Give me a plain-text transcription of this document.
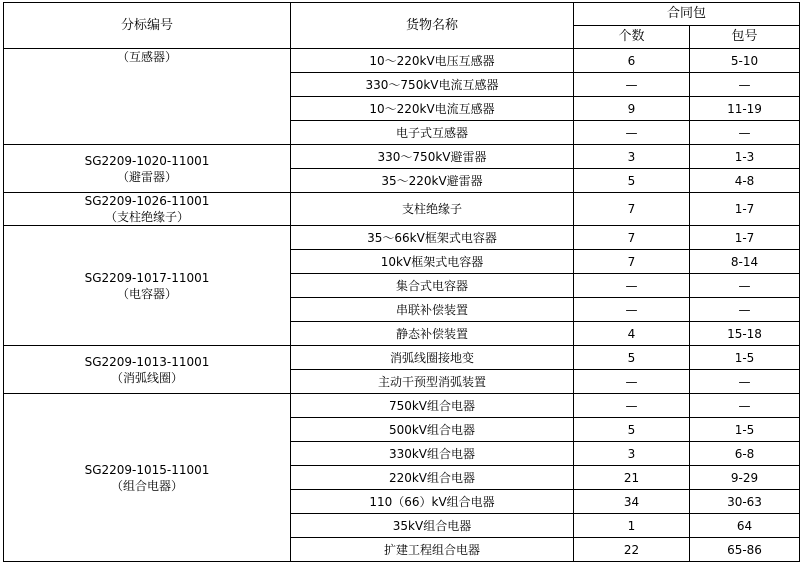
分标编号	货物名称	合同包	
		个数	包号

（互感器）	10～220kV电压互感器	6	5-10
	330～750kV电流互感器	—	—
	10～220kV电流互感器	9	11-19
	电子式互感器	—	—

SG2209-1020-11001
（避雷器）	330～750kV避雷器	3	1-3
	35～220kV避雷器	5	4-8

SG2209-1026-11001
（支柱绝缘子）	支柱绝缘子	7	1-7

SG2209-1017-11001
（电容器）	35～66kV框架式电容器	7	1-7
	10kV框架式电容器	7	8-14
	集合式电容器	—	—
	串联补偿装置	—	—
	静态补偿装置	4	15-18

SG2209-1013-11001
（消弧线圈）	消弧线圈接地变	5	1-5
	主动干预型消弧装置	—	—

SG2209-1015-11001
（组合电器）	750kV组合电器	—	—
	500kV组合电器	5	1-5
	330kV组合电器	3	6-8
	220kV组合电器	21	9-29
	110（66）kV组合电器	34	30-63
	35kV组合电器	1	64
	扩建工程组合电器	22	65-86
